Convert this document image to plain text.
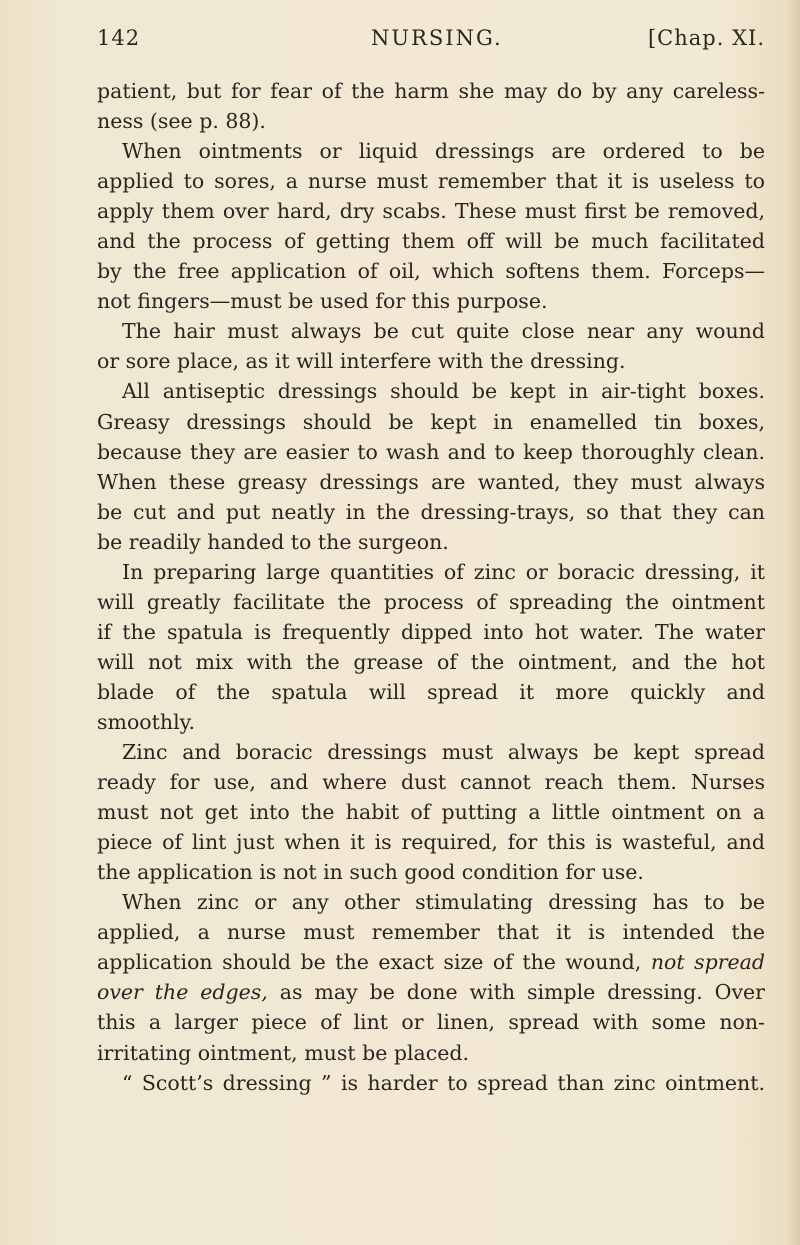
142	NURSING.	[Chap. XI.
patient, but for fear of the harm she may do by any careless-
ness (see p. 88).
When ointments or liquid dressings are ordered to be
applied to sores, a nurse must remember that it is useless to
apply them over hard, dry scabs. These must first be removed,
and the process of getting them off will be much facilitated
by the free application of oil, which softens them. Forceps—
not fingers—must be used for this purpose.
The hair must always be cut quite close near any wound
or sore place, as it will interfere with the dressing.
All antiseptic dressings should be kept in air-tight boxes.
Greasy dressings should be kept in enamelled tin boxes,
because they are easier to wash and to keep thoroughly clean.
When these greasy dressings are wanted, they must always
be cut and put neatly in the dressing-trays, so that they can
be readily handed to the surgeon.
In preparing large quantities of zinc or boracic dressing, it
will greatly facilitate the process of spreading the ointment
if the spatula is frequently dipped into hot water. The water
will not mix with the grease of the ointment, and the hot
blade of the spatula will spread it more quickly and
smoothly.
Zinc and boracic dressings must always be kept spread
ready for use, and where dust cannot reach them. Nurses
must not get into the habit of putting a little ointment on a
piece of lint just when it is required, for this is wasteful, and
the application is not in such good condition for use.
When zinc or any other stimulating dressing has to be
applied, a nurse must remember that it is intended the
application should be the exact size of the wound, not spread
over the edges, as may be done with simple dressing. Over
this a larger piece of lint or linen, spread with some non-
irritating ointment, must be placed.
“ Scott’s dressing ” is harder to spread than zinc ointment.
